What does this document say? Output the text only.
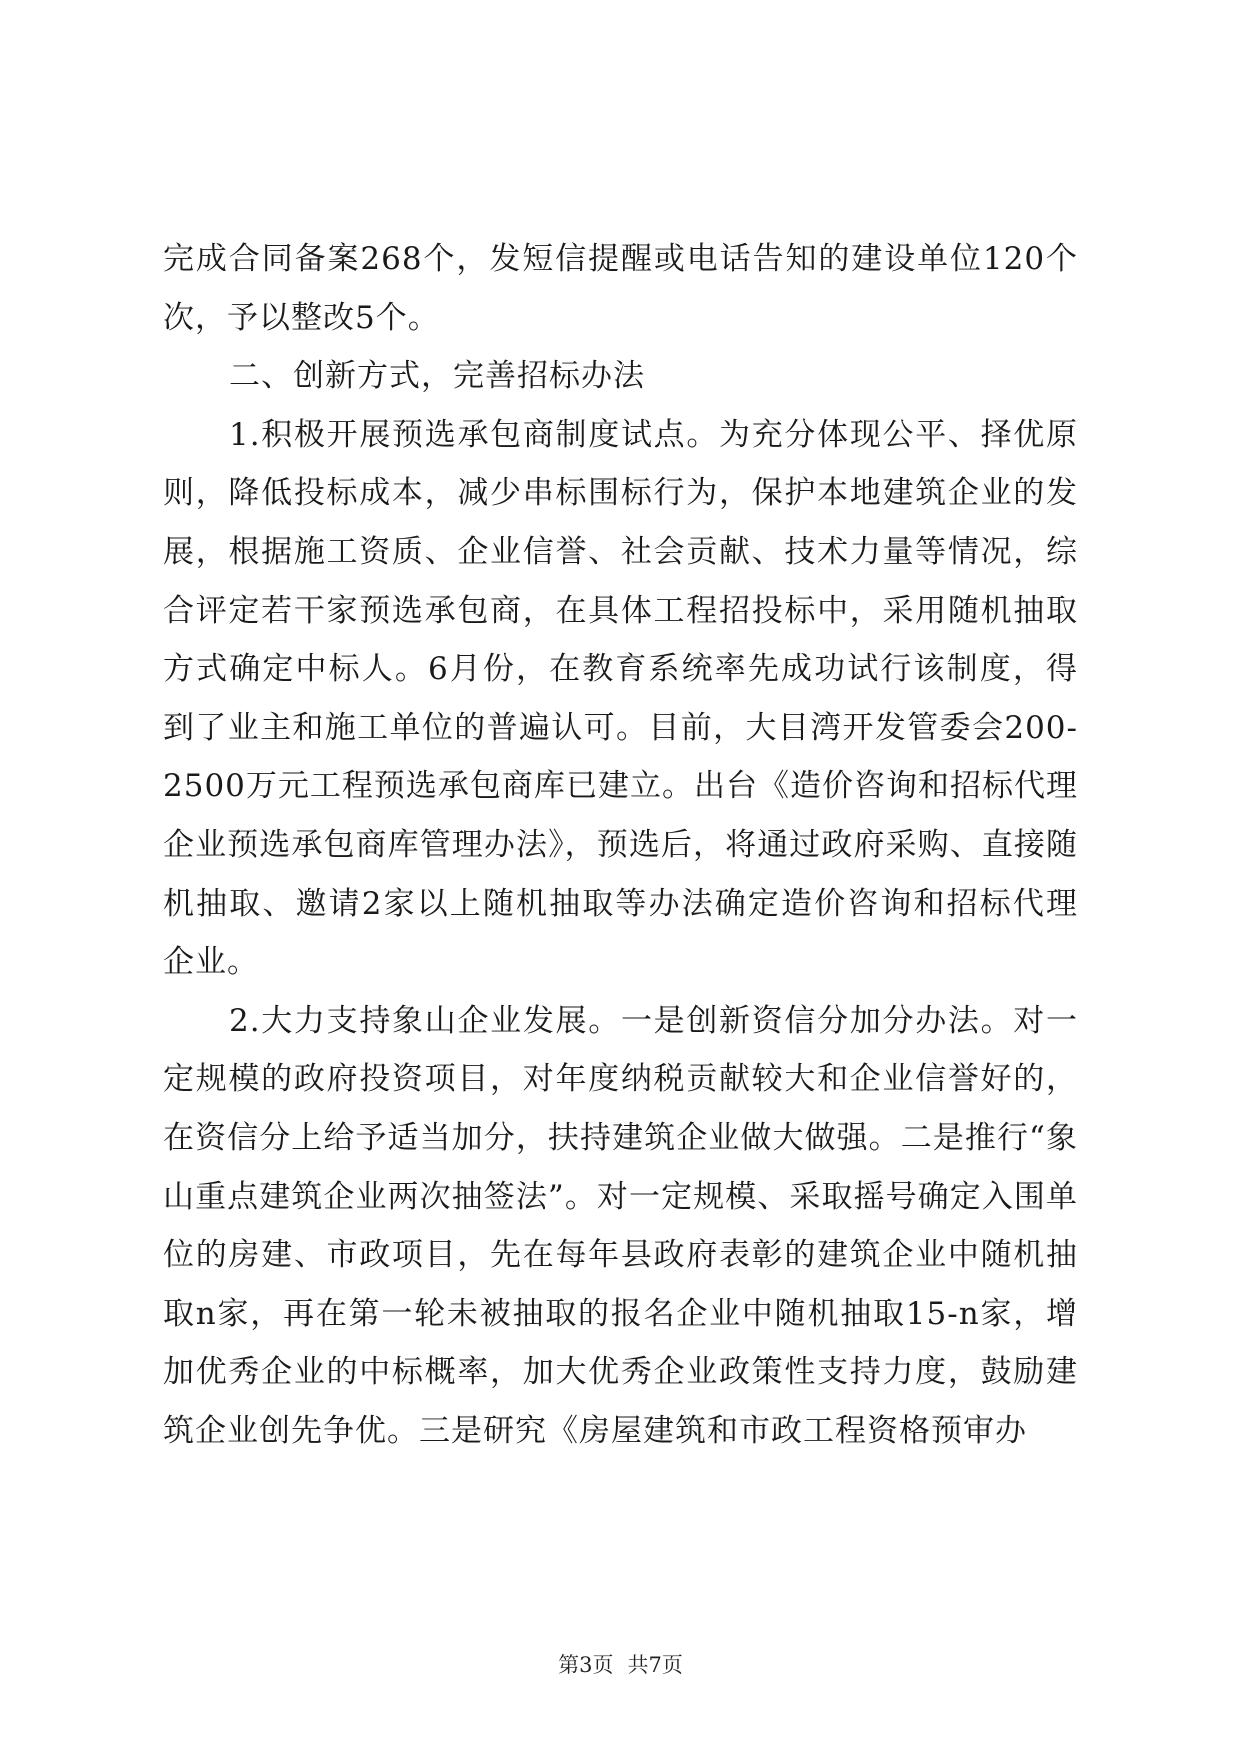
完成合同备案268个，发短信提醒或电话告知的建设单位120个次，予以整改5个。

二、创新方式，完善招标办法

1.积极开展预选承包商制度试点。为充分体现公平、择优原则，降低投标成本，减少串标围标行为，保护本地建筑企业的发展，根据施工资质、企业信誉、社会贡献、技术力量等情况，综合评定若干家预选承包商，在具体工程招投标中，采用随机抽取方式确定中标人。6月份，在教育系统率先成功试行该制度，得到了业主和施工单位的普遍认可。目前，大目湾开发管委会200-2500万元工程预选承包商库已建立。出台《造价咨询和招标代理企业预选承包商库管理办法》，预选后，将通过政府采购、直接随机抽取、邀请2家以上随机抽取等办法确定造价咨询和招标代理企业。

2.大力支持象山企业发展。一是创新资信分加分办法。对一定规模的政府投资项目，对年度纳税贡献较大和企业信誉好的，在资信分上给予适当加分，扶持建筑企业做大做强。二是推行“象山重点建筑企业两次抽签法”。对一定规模、采取摇号确定入围单位的房建、市政项目，先在每年县政府表彰的建筑企业中随机抽取n家，再在第一轮未被抽取的报名企业中随机抽取15-n家，增加优秀企业的中标概率，加大优秀企业政策性支持力度，鼓励建筑企业创先争优。三是研究《房屋建筑和市政工程资格预审办

第3页 共7页
